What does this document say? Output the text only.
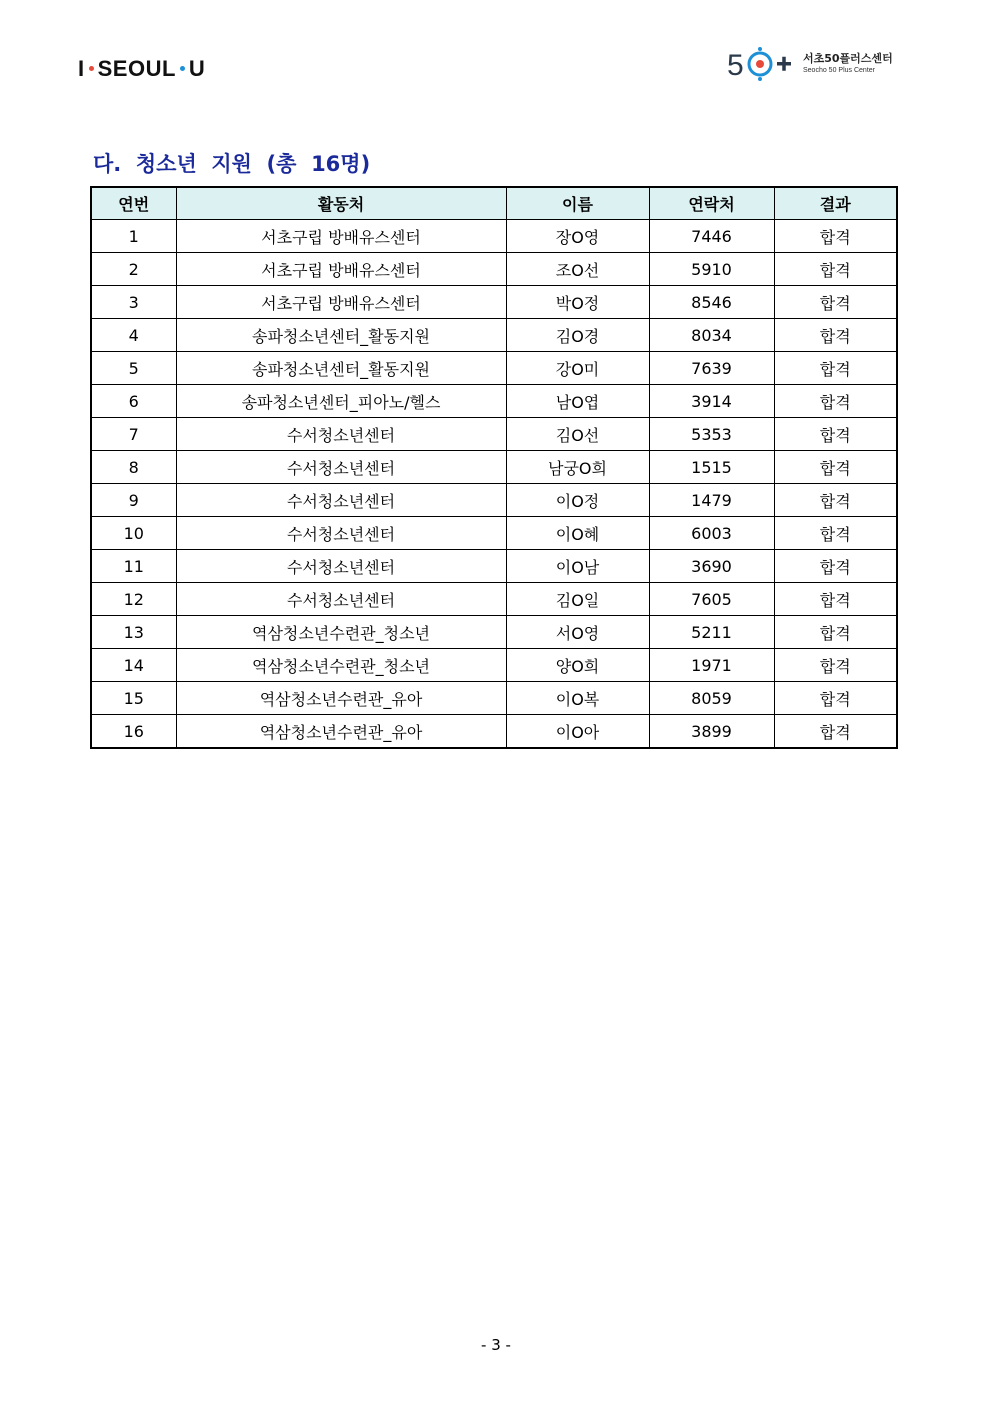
I SEOUL U	5	서초50플러스센터
Seocho 50 Plus Center
다.  청소년  지원  (총  16명)
연번	활동처	이름	연락처	결과
1	서초구립 방배유스센터	장O영	7446	합격
2	서초구립 방배유스센터	조O선	5910	합격
3	서초구립 방배유스센터	박O정	8546	합격
4	송파청소년센터_활동지원	김O경	8034	합격
5	송파청소년센터_활동지원	강O미	7639	합격
6	송파청소년센터_피아노/헬스	남O엽	3914	합격
7	수서청소년센터	김O선	5353	합격
8	수서청소년센터	남궁O희	1515	합격
9	수서청소년센터	이O정	1479	합격
10	수서청소년센터	이O혜	6003	합격
11	수서청소년센터	이O남	3690	합격
12	수서청소년센터	김O일	7605	합격
13	역삼청소년수련관_청소년	서O영	5211	합격
14	역삼청소년수련관_청소년	양O희	1971	합격
15	역삼청소년수련관_유아	이O복	8059	합격
16	역삼청소년수련관_유아	이O아	3899	합격
- 3 -
